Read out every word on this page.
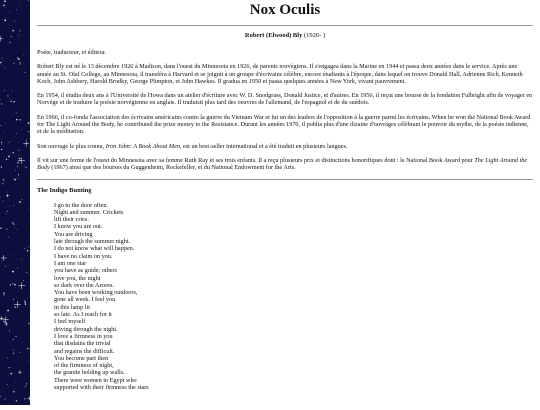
Nox Oculis
Robert (Elwood) Bly (1926- )

Poète, traducteur, et éditeur.

Robert Bly est né le 13 décembre 1926 à Madison, dans l'ouest du Minnesota en 1926, de parents norvégiens. Il s'engagea dans la Marine en 1944 et passa deux années dans le service. Après une année au St. Olaf College, au Minnesota, il transféra à Harvard et se joignit à un groupe d'écrivains célèbre, encore étudiants à l'époque, dans lequel on trouve Donald Hall, Adrienne Rich, Kenneth Koch, John Ashbery, Harold Brodky, George Plimpton, et John Hawkes. Il gradua en 1950 et passa quelques années à New York, vivant pauvrement.

En 1954, il étudia deux ans à l'Université de l'Iowa dans un atelier d'écriture avec W. D. Snodgrass, Donald Justice, et d'autres. En 1956, il reçut une bourse de la fondation Fulbright afin de voyager en Norvège et de traduire la poésie norvégienne en anglais. Il traduisit plus tard des oeuvres de l'allemand, de l'espagnol et de du suédois.

En 1966, il co-fonda l'association des écrivains américains contre la guerre du Vietnam War et fut un des leaders de l'opposition à la guerre parmi les écrivains. When he won the National Book Award for The Light Around the Body, he contributed the prize money to the Resistance. Durant les années 1970, il publia plus d'une dizaine d'ouvrages célébrant le pouvoir du mythe, de la poésie indienne, et de la méditation.

Son ouvrage le plus connu, Iron John: A Book About Men, est un best-seller international et a été traduit en plusieurs langues.

Il vit sur une ferme de l'ouest du Minnesota avec sa femme Ruth Ray et ses trois enfants. Il a reçu plusieurs prix et distinctions honorifiques dont : le National Book Award pour The Light Around the Body (1967) ainsi que des bourses du Guggenheim, Rockefeller, et du National Endowment for the Arts.

The Indigo Bunting
I go to the door often.
Night and summer. Crickets
lift their cries.
I know you are out.
You are driving
late through the summer night.
I do not know what will happen.
I have no claim on you.
I am one star
you have as guide; others
love you, the night
so dark over the Azores.
You have been working outdoors,
gone all week. I feel you
in this lamp lit
so late. As I reach for it
I feel myself
driving through the night.
I love a firmness in you
that disdains the trivial
and regains the difficult.
You become part then
of the firmness of night,
the granite holding up walls.
There were women in Egypt who
supported with their firmness the stars
